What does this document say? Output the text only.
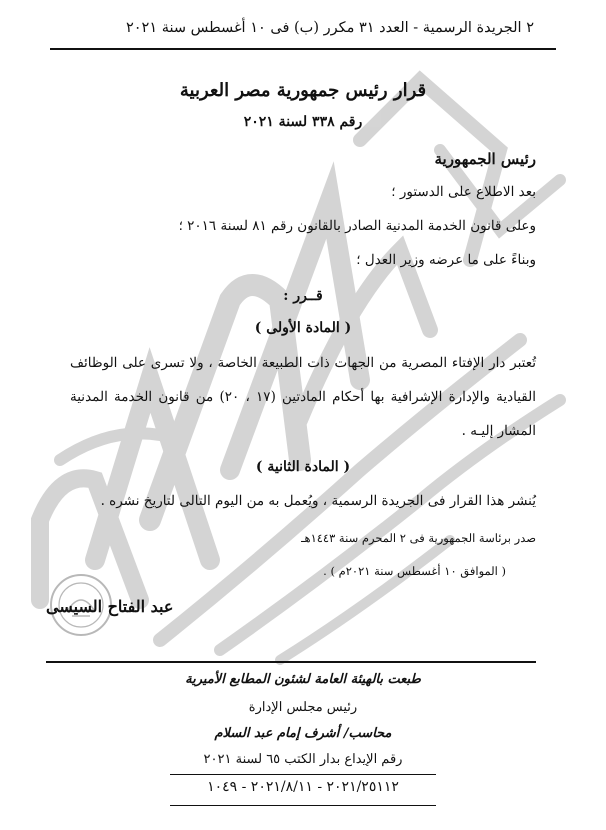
٢ الجريدة الرسمية - العدد ٣١ مكرر (ب) فى ١٠ أغسطس سنة ٢٠٢١
قرار رئيس جمهورية مصر العربية
رقم ٣٣٨ لسنة ٢٠٢١
رئيس الجمهورية
بعد الاطلاع على الدستور ؛
وعلى قانون الخدمة المدنية الصادر بالقانون رقم ٨١ لسنة ٢٠١٦ ؛
وبناءً على ما عرضه وزير العدل ؛
قــرر :
( المادة الأولى )
تُعتبر دار الإفتاء المصرية من الجهات ذات الطبيعة الخاصة ، ولا تسرى على الوظائف
القيادية والإدارة الإشرافية بها أحكام المادتين (١٧ ، ٢٠) من قانون الخدمة المدنية
المشار إليـه .
( المادة الثانية )
يُنشر هذا القرار فى الجريدة الرسمية ، ويُعمل به من اليوم التالى لتاريخ نشره .
صدر برئاسة الجمهورية فى ٢ المحرم سنة ١٤٤٣هـ
( الموافق ١٠ أغسطس سنة ٢٠٢١م ) .
عبد الفتاح السيسى
طبعت بالهيئة العامة لشئون المطابع الأميرية
رئيس مجلس الإدارة
محاسب/ أشرف إمام عبد السلام
رقم الإيداع بدار الكتب ٦٥ لسنة ٢٠٢١
٢٠٢١/٢٥١١٢ - ٢٠٢١/٨/١١ - ١٠٤٩
